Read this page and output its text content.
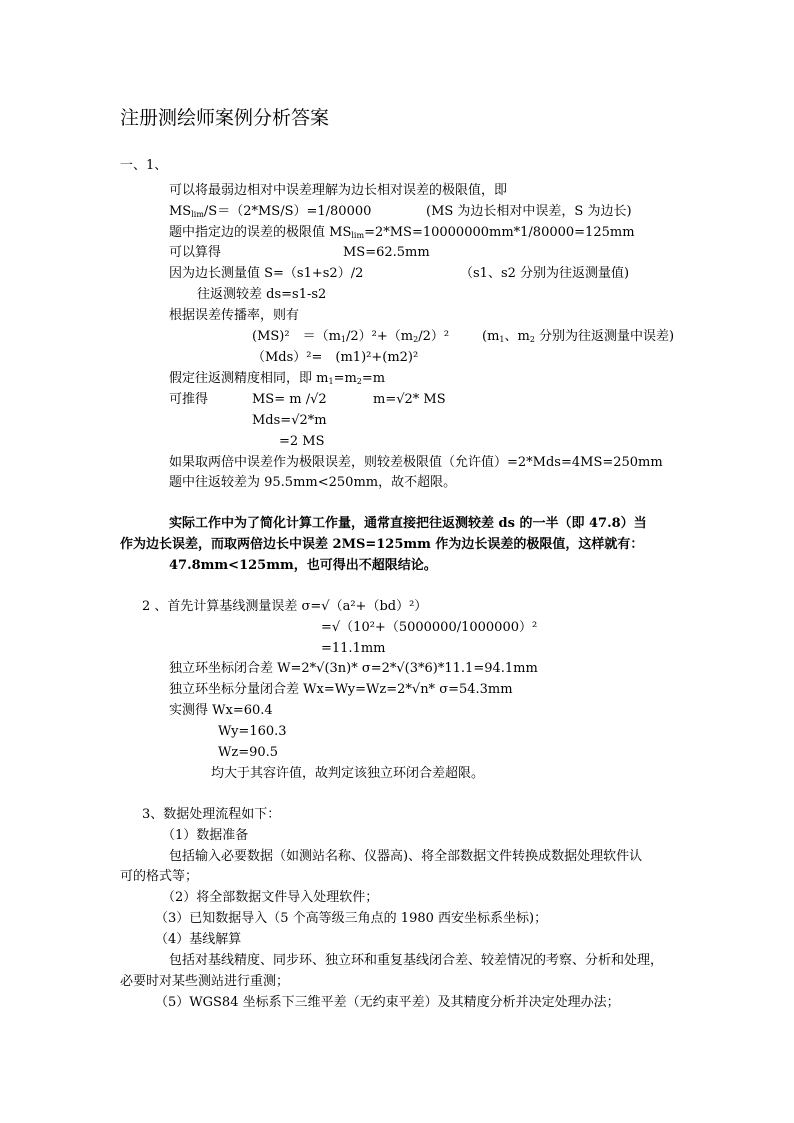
注册测绘师案例分析答案
一、1、
可以将最弱边相对中误差理解为边长相对误差的极限值，即
$MS_{lim}/S=(2*MS/S)=1/80000$	(MS 为边长相对中误差，S 为边长)
题中指定边的误差的极限值 $MS_{lim}=2*MS=10000000mm*1/80000=125mm$
可以算得	MS=62.5mm
因为边长测量值 S=（s1+s2）/2	（s1、s2 分别为往返测量值)
往返测较差 ds=s1-s2
根据误差传播率，则有
(MS)²　$=(m_1/2)^2+(m_2/2)^2$	($m_1$、$m_2$ 分别为往返测量中误差)
（Mds）²=　(m1)²+(m2)²
假定往返测精度相同，即 $m_1=m_2=m$
可推得	MS= m /√2	m=√2* MS
Mds=√2*m
=2 MS
如果取两倍中误差作为极限误差，则较差极限值（允许值）=2*Mds=4MS=250mm
题中往返较差为 95.5mm<250mm，故不超限。
实际工作中为了简化计算工作量，通常直接把往返测较差 ds 的一半（即 47.8）当
作为边长误差，而取两倍边长中误差 2MS=125mm 作为边长误差的极限值，这样就有：
47.8mm<125mm，也可得出不超限结论。
2 、首先计算基线测量误差 σ=√（a²+（bd）²）
=√（10²+（5000000/1000000）²
=11.1mm
独立环坐标闭合差 W=2*√(3n)* σ=2*√(3*6)*11.1=94.1mm
独立环坐标分量闭合差 Wx=Wy=Wz=2*√n* σ=54.3mm
实测得 Wx=60.4
Wy=160.3
Wz=90.5
均大于其容许值，故判定该独立环闭合差超限。
3、数据处理流程如下：
（1）数据准备
包括输入必要数据（如测站名称、仪器高)、将全部数据文件转换成数据处理软件认
可的格式等；
（2）将全部数据文件导入处理软件；
（3）已知数据导入（5 个高等级三角点的 1980 西安坐标系坐标)；
（4）基线解算
包括对基线精度、同步环、独立环和重复基线闭合差、较差情况的考察、分析和处理，
必要时对某些测站进行重测；
（5）WGS84 坐标系下三维平差（无约束平差）及其精度分析并决定处理办法；
